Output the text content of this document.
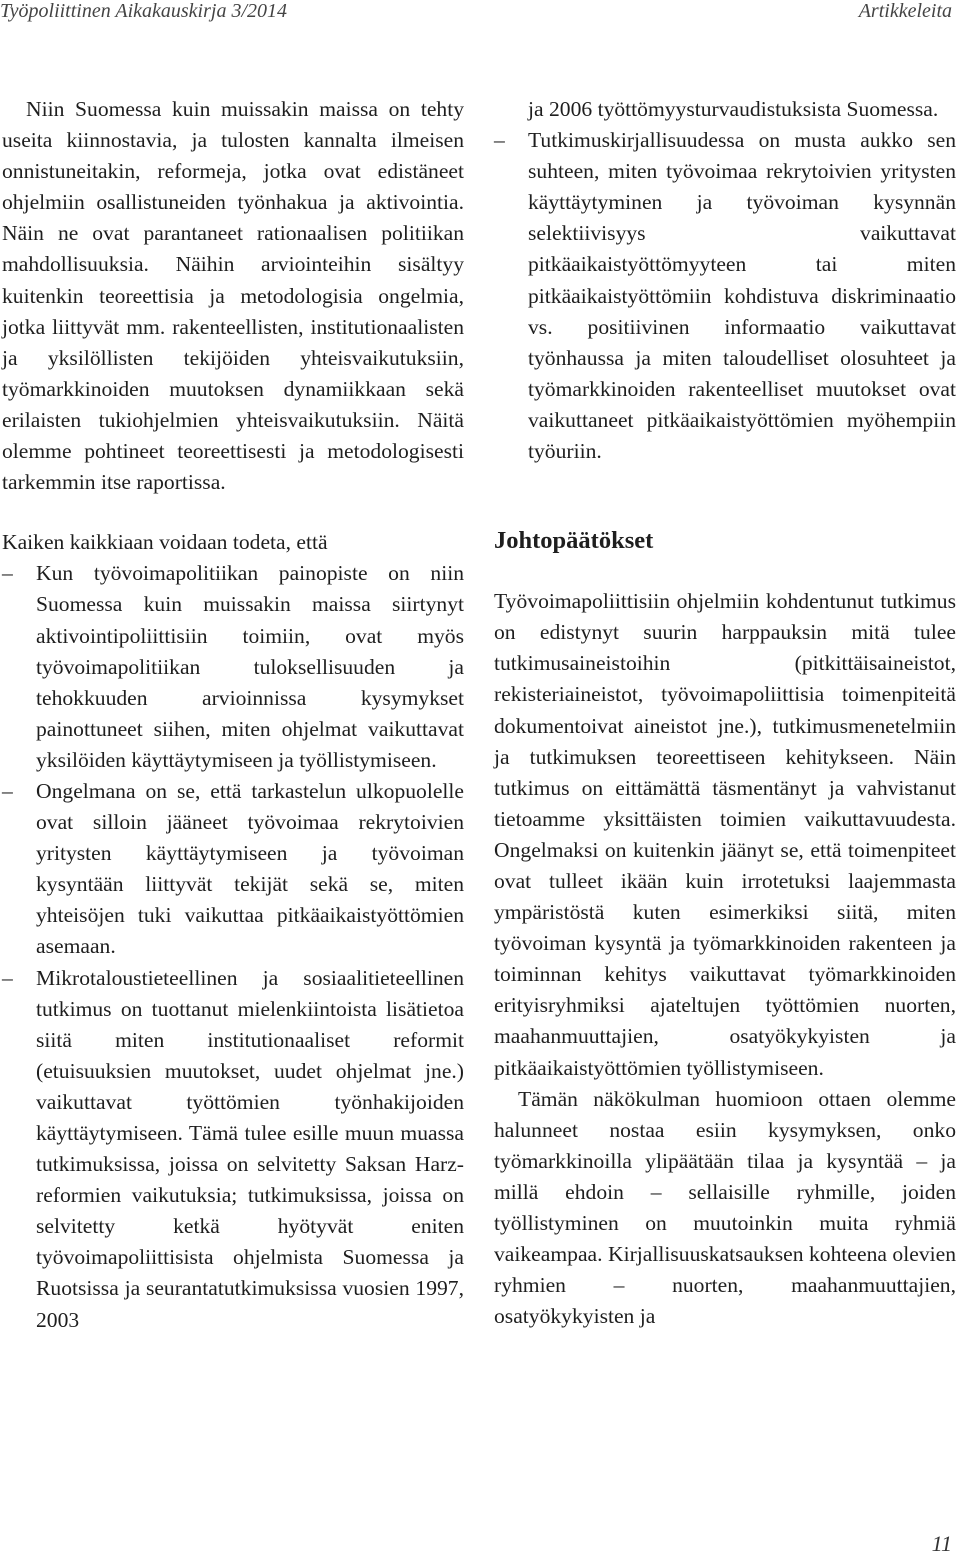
Työpoliittinen Aikakauskirja 3/2014	Artikkeleita

Niin Suomessa kuin muissakin maissa on tehty useita kiinnostavia, ja tulosten kannalta ilmeisen onnistuneitakin, reformeja, jotka ovat edistäneet ohjelmiin osallistuneiden työnhakua ja aktivointia. Näin ne ovat parantaneet rationaalisen politiikan mahdollisuuksia. Näihin arviointeihin sisältyy kuitenkin teoreettisia ja metodologisia ongelmia, jotka liittyvät mm. rakenteellisten, institutionaalisten ja yksilöllisten tekijöiden yhteisvaikutuksiin, työmarkkinoiden muutoksen dynamiikkaan sekä erilaisten tukiohjelmien yhteisvaikutuksiin. Näitä olemme pohtineet teoreettisesti ja metodologisesti tarkemmin itse raportissa.

Kaiken kaikkiaan voidaan todeta, että

–	Kun työvoimapolitiikan painopiste on niin Suomessa kuin muissakin maissa siirtynyt aktivointipoliittisiin toimiin, ovat myös työvoimapolitiikan tuloksellisuuden ja tehokkuuden arvioinnissa kysymykset painottuneet siihen, miten ohjelmat vaikuttavat yksilöiden käyttäytymiseen ja työllistymiseen.
–	Ongelmana on se, että tarkastelun ulkopuolelle ovat silloin jääneet työvoimaa rekrytoivien yritysten käyttäytymiseen ja työvoiman kysyntään liittyvät tekijät sekä se, miten yhteisöjen tuki vaikuttaa pitkäaikaistyöttömien asemaan.
–	Mikrotaloustieteellinen ja sosiaalitieteellinen tutkimus on tuottanut mielenkiintoista lisätietoa siitä miten institutionaaliset reformit (etuisuuksien muutokset, uudet ohjelmat jne.) vaikuttavat työttömien työnhakijoiden käyttäytymiseen. Tämä tulee esille muun muassa tutkimuksissa, joissa on selvitetty Saksan Harz-reformien vaikutuksia; tutkimuksissa, joissa on selvitetty ketkä hyötyvät eniten työvoimapoliittisista ohjelmista Suomessa ja Ruotsissa ja seurantatutkimuksissa vuosien 1997, 2003

ja 2006 työttömyysturvaudistuksista Suomessa.

–	Tutkimuskirjallisuudessa on musta aukko sen suhteen, miten työvoimaa rekrytoivien yritysten käyttäytyminen ja työvoiman kysynnän selektiivisyys vaikuttavat pitkäaikaistyöttömyyteen tai miten pitkäaikaistyöttömiin kohdistuva diskriminaatio vs. positiivinen informaatio vaikuttavat työnhaussa ja miten taloudelliset olosuhteet ja työmarkkinoiden rakenteelliset muutokset ovat vaikuttaneet pitkäaikaistyöttömien myöhempiin työuriin.
Johtopäätökset

Työvoimapoliittisiin ohjelmiin kohdentunut tutkimus on edistynyt suurin harppauksin mitä tulee tutkimusaineistoihin (pitkittäisaineistot, rekisteriaineistot, työvoimapoliittisia toimenpiteitä dokumentoivat aineistot jne.), tutkimusmenetelmiin ja tutkimuksen teoreettiseen kehitykseen. Näin tutkimus on eittämättä täsmentänyt ja vahvistanut tietoamme yksittäisten toimien vaikuttavuudesta. Ongelmaksi on kuitenkin jäänyt se, että toimenpiteet ovat tulleet ikään kuin irrotetuksi laajemmasta ympäristöstä kuten esimerkiksi siitä, miten työvoiman kysyntä ja työmarkkinoiden rakenteen ja toiminnan kehitys vaikuttavat työmarkkinoiden erityisryhmiksi ajateltujen työttömien nuorten, maahanmuuttajien, osatyökykyisten ja pitkäaikaistyöttömien työllistymiseen.

Tämän näkökulman huomioon ottaen olemme halunneet nostaa esiin kysymyksen, onko työmarkkinoilla ylipäätään tilaa ja kysyntää – ja millä ehdoin – sellaisille ryhmille, joiden työllistyminen on muutoinkin muita ryhmiä vaikeampaa. Kirjallisuuskatsauksen kohteena olevien ryhmien – nuorten, maahanmuuttajien, osatyökykyisten ja

11
